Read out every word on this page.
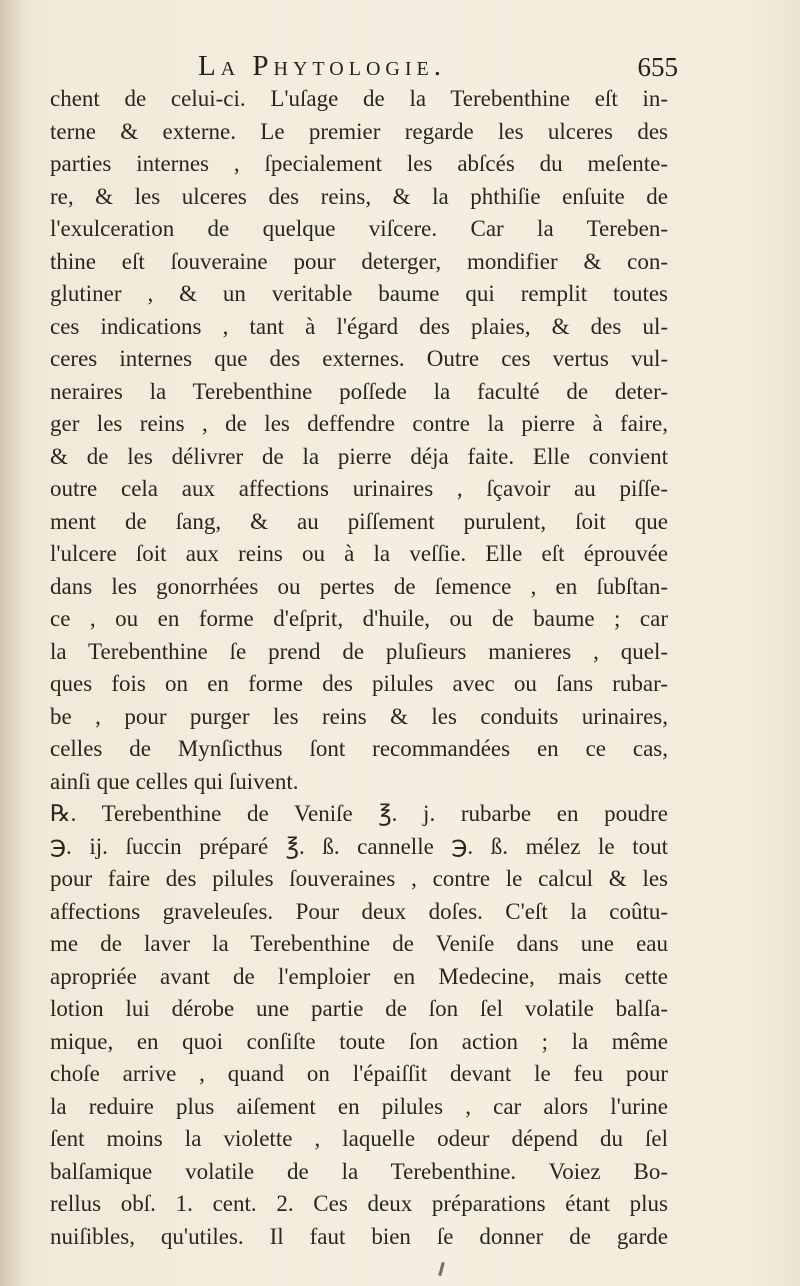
La Phytologie.	655
chent de celui-ci. L'uſage de la Terebenthine eſt in-
terne & externe. Le premier regarde les ulceres des
parties internes , ſpecialement les abſcés du meſente-
re, & les ulceres des reins, & la phthiſie enſuite de
l'exulceration de quelque viſcere. Car la Tereben-
thine eſt ſouveraine pour deterger, mondifier & con-
glutiner , & un veritable baume qui remplit toutes
ces indications , tant à l'égard des plaies, & des ul-
ceres internes que des externes. Outre ces vertus vul-
neraires la Terebenthine poſſede la faculté de deter-
ger les reins , de les deffendre contre la pierre à faire,
& de les délivrer de la pierre déja faite. Elle convient
outre cela aux affections urinaires , ſçavoir au piſſe-
ment de ſang, & au piſſement purulent, ſoit que
l'ulcere ſoit aux reins ou à la veſſie. Elle eſt éprouvée
dans les gonorrhées ou pertes de ſemence , en ſubſtan-
ce , ou en forme d'eſprit, d'huile, ou de baume ; car
la Terebenthine ſe prend de pluſieurs manieres , quel-
ques fois on en forme des pilules avec ou ſans rubar-
be , pour purger les reins & les conduits urinaires,
celles de Mynſicthus ſont recommandées en ce cas,
ainſi que celles qui ſuivent.
℞. Terebenthine de Veniſe ℥. j. rubarbe en poudre
℈. ij. ſuccin préparé ℥. ß. cannelle ℈. ß. mélez le tout
pour faire des pilules ſouveraines , contre le calcul & les
affections graveleuſes. Pour deux doſes. C'eſt la coûtu-
me de laver la Terebenthine de Veniſe dans une eau
apropriée avant de l'emploier en Medecine, mais cette
lotion lui dérobe une partie de ſon ſel volatile balſa-
mique, en quoi conſiſte toute ſon action ; la même
choſe arrive , quand on l'épaiſſit devant le feu pour
la reduire plus aiſement en pilules , car alors l'urine
ſent moins la violette , laquelle odeur dépend du ſel
balſamique volatile de la Terebenthine. Voiez Bo-
rellus obſ. 1. cent. 2. Ces deux préparations étant plus
nuiſibles, qu'utiles. Il faut bien ſe donner de garde
